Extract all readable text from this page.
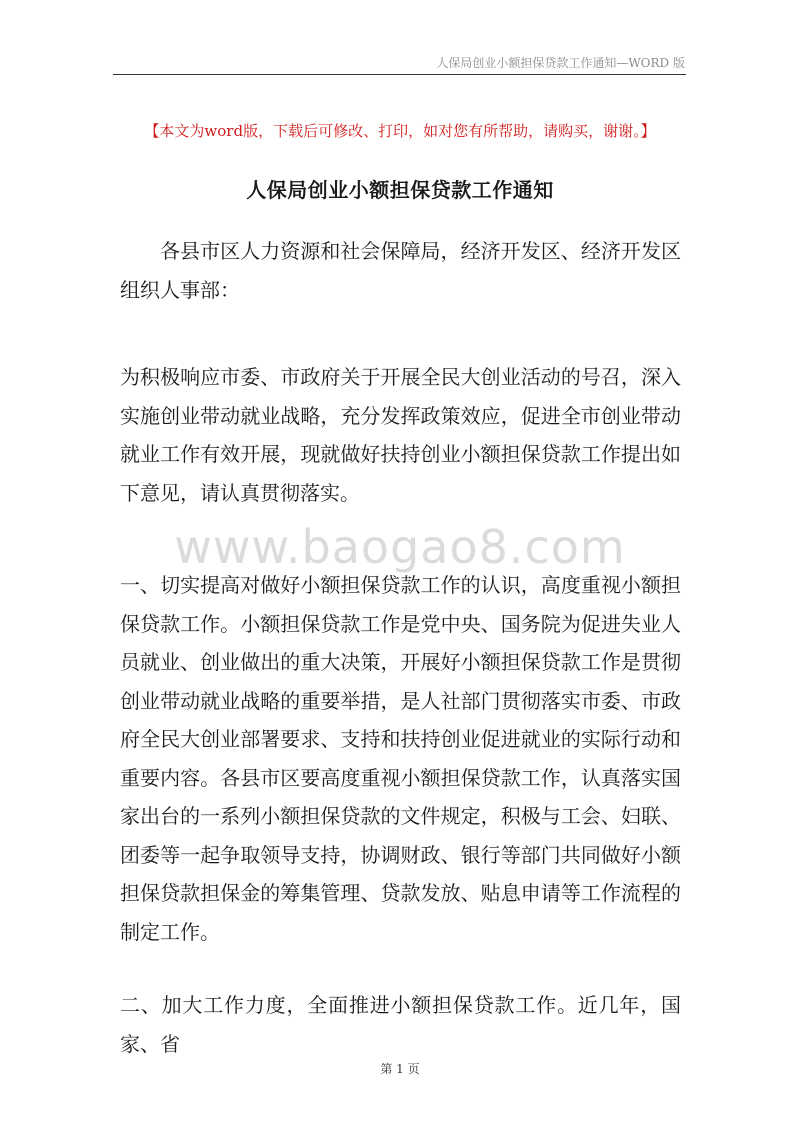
人保局创业小额担保贷款工作通知—WORD 版
【本文为word版，下载后可修改、打印，如对您有所帮助，请购买，谢谢。】
人保局创业小额担保贷款工作通知
各县市区人力资源和社会保障局，经济开发区、经济开发区组织人事部：
为积极响应市委、市政府关于开展全民大创业活动的号召，深入实施创业带动就业战略，充分发挥政策效应，促进全市创业带动就业工作有效开展，现就做好扶持创业小额担保贷款工作提出如下意见，请认真贯彻落实。
一、切实提高对做好小额担保贷款工作的认识，高度重视小额担保贷款工作。小额担保贷款工作是党中央、国务院为促进失业人员就业、创业做出的重大决策，开展好小额担保贷款工作是贯彻创业带动就业战略的重要举措，是人社部门贯彻落实市委、市政府全民大创业部署要求、支持和扶持创业促进就业的实际行动和重要内容。各县市区要高度重视小额担保贷款工作，认真落实国家出台的一系列小额担保贷款的文件规定，积极与工会、妇联、团委等一起争取领导支持，协调财政、银行等部门共同做好小额担保贷款担保金的筹集管理、贷款发放、贴息申请等工作流程的制定工作。
二、加大工作力度，全面推进小额担保贷款工作。近几年，国家、省
www.baogao8.com
第 1 页
